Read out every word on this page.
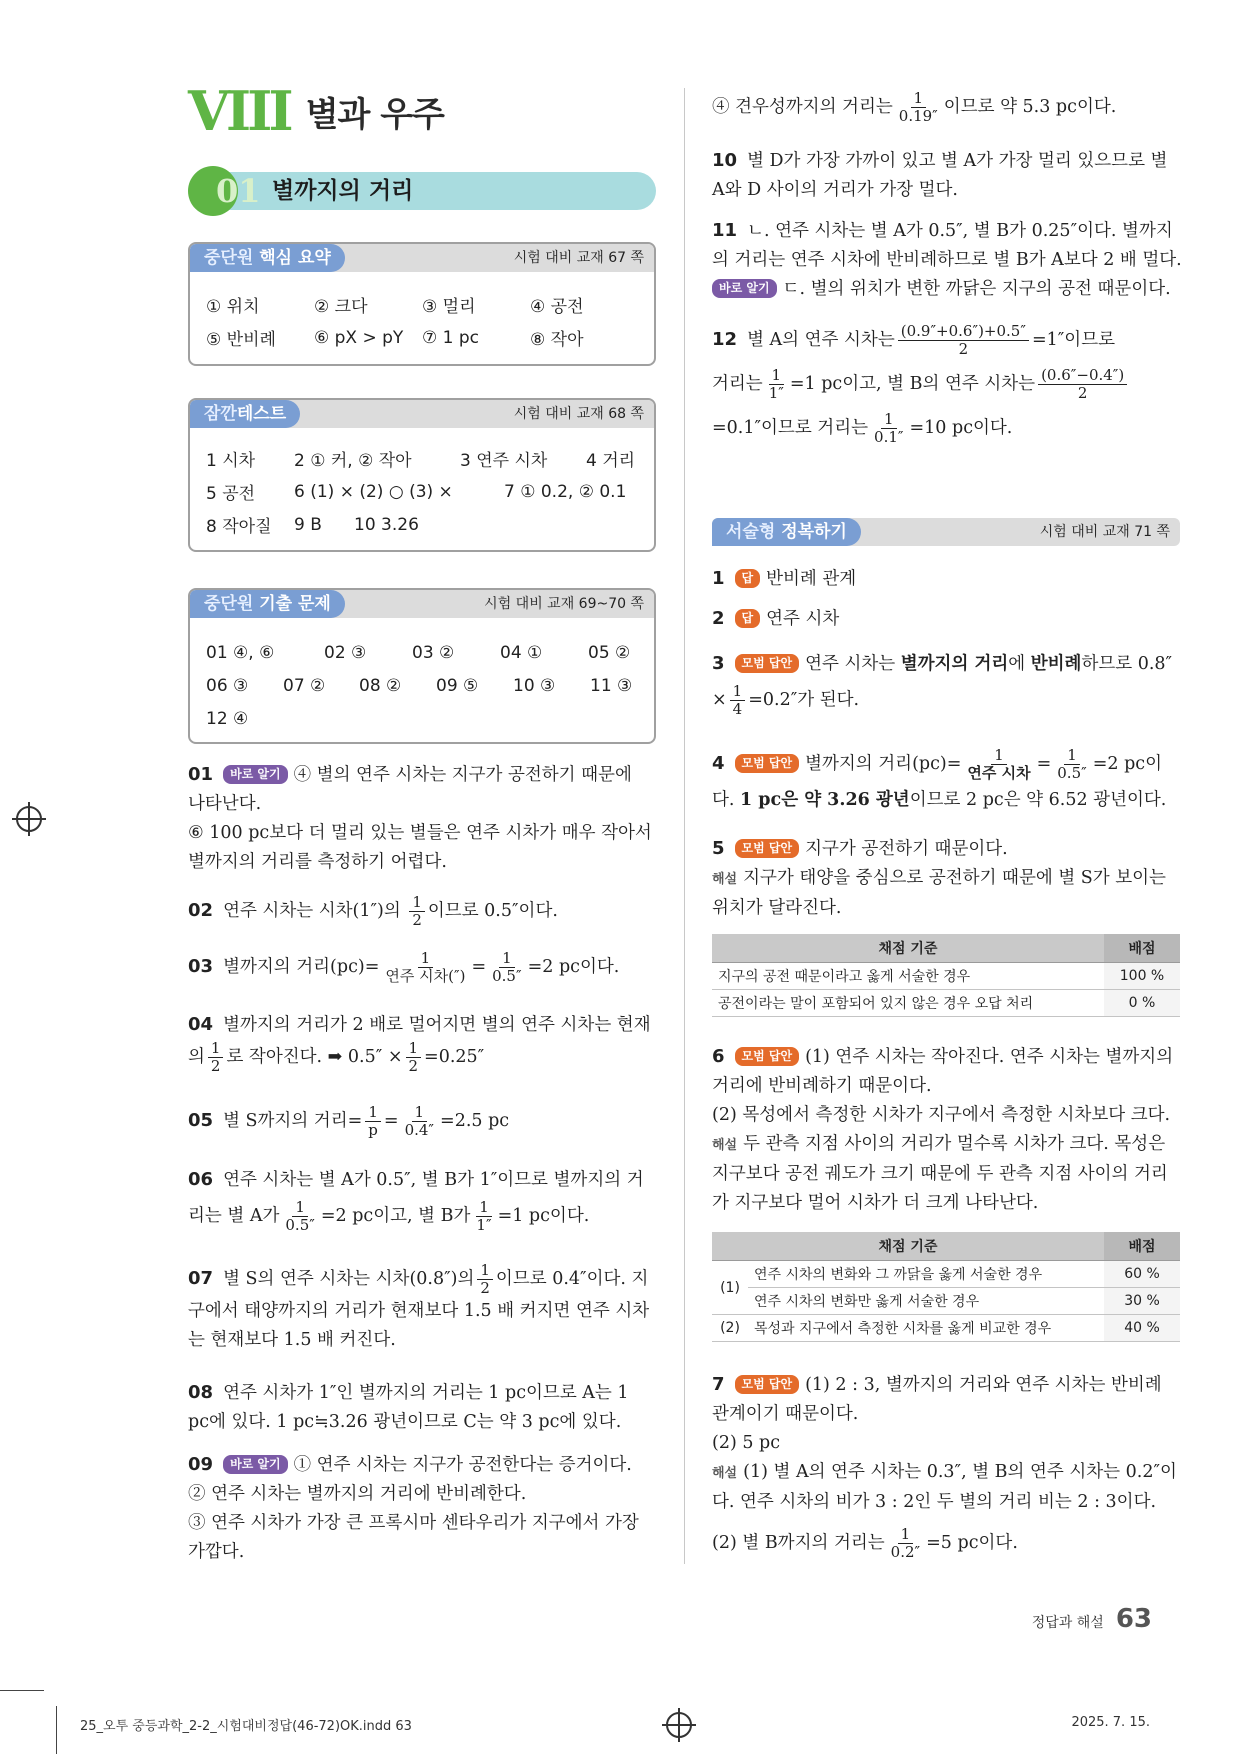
VIII 별과 우주
01 별까지의 거리
중단원 핵심 요약	시험 대비 교재 67 쪽
① 위치	② 크다	③ 멀리	④ 공전
⑤ 반비례	⑥ pX > pY	⑦ 1 pc	⑧ 작아
잠깐테스트	시험 대비 교재 68 쪽
1 시차	2 ① 커, ② 작아	3 연주 시차	4 거리
5 공전	6 (1) × (2) ○ (3) ×	7 ① 0.2, ② 0.1
8 작아질	9 B	10 3.26
중단원 기출 문제	시험 대비 교재 69~70 쪽
01 ④, ⑥	02 ③	03 ②	04 ①	05 ②
06 ③	07 ②	08 ②	09 ⑤	10 ③	11 ③
12 ④
01 바로 알기 ④ 별의 연주 시차는 지구가 공전하기 때문에 나타난다.
⑥ 100 pc보다 더 멀리 있는 별들은 연주 시차가 매우 작아서 별까지의 거리를 측정하기 어렵다.
02 연주 시차는 시차(1″)의 $\frac{1}{2}$ 이므로 0.5″이다.
03 별까지의 거리$(pc)= \frac{1}{\text{연주 시차(″)}} = \frac{1}{0.5''} =2$ pc이다.
04 별까지의 거리가 2 배로 멀어지면 별의 연주 시차는 현재의 $\frac{1}{2}$ 로 작아진다. ➡ $0.5'' \times \frac{1}{2} =0.25''$
05 별 S까지의 거리= $\frac{1}{p} = \frac{1}{0.4''} =2.5$ pc
06 연주 시차는 별 A가 0.5″, 별 B가 1″이므로 별까지의 거리는 별 A가 $\frac{1}{0.5''} =2$ pc이고, 별 B가 $\frac{1}{1''} =1$ pc이다.
07 별 S의 연주 시차는 시차(0.8″)의 $\frac{1}{2}$ 이므로 0.4″이다. 지구에서 태양까지의 거리가 현재보다 1.5 배 커지면 연주 시차는 현재보다 1.5 배 커진다.
08 연주 시차가 1″인 별까지의 거리는 1 pc이므로 A는 1 pc에 있다. 1 pc≒3.26 광년이므로 C는 약 3 pc에 있다.
09 바로 알기 ① 연주 시차는 지구가 공전한다는 증거이다.
② 연주 시차는 별까지의 거리에 반비례한다.
③ 연주 시차가 가장 큰 프록시마 센타우리가 지구에서 가장 가깝다.
④ 견우성까지의 거리는 $\frac{1}{0.19''}$ 이므로 약 5.3 pc이다.
10 별 D가 가장 가까이 있고 별 A가 가장 멀리 있으므로 별 A와 D 사이의 거리가 가장 멀다.
11 ㄴ. 연주 시차는 별 A가 0.5″, 별 B가 0.25″이다. 별까지의 거리는 연주 시차에 반비례하므로 별 B가 A보다 2 배 멀다.
바로 알기 ㄷ. 별의 위치가 변한 까닭은 지구의 공전 때문이다.
12 별 A의 연주 시차는 $\frac{(0.9''+0.6'')+0.5''}{2} =1''$이므로
거리는 $\frac{1}{1''} =1$ pc이고, 별 B의 연주 시차는 $\frac{(0.6''-0.4'')}{2}$

=0.1″이므로 거리는 $\frac{1}{0.1''} =10$ pc이다.
서술형 정복하기	시험 대비 교재 71 쪽
1 답 반비례 관계
2 답 연주 시차
3 모범 답안 연주 시차는 별까지의 거리에 반비례하므로 0.8″
× $\frac{1}{4} =0.2''$가 된다.
4 모범 답안 별까지의 거리$(pc)= \frac{1}{\text{연주 시차}} = \frac{1}{0.5''} =2$ pc이
다. 1 pc은 약 3.26 광년이므로 2 pc은 약 6.52 광년이다.
5 모범 답안 지구가 공전하기 때문이다.
해설 지구가 태양을 중심으로 공전하기 때문에 별 S가 보이는 위치가 달라진다.
채점 기준	배점
지구의 공전 때문이라고 옳게 서술한 경우	100 %
공전이라는 말이 포함되어 있지 않은 경우 오답 처리	0 %
6 모범 답안 (1) 연주 시차는 작아진다. 연주 시차는 별까지의 거리에 반비례하기 때문이다.
(2) 목성에서 측정한 시차가 지구에서 측정한 시차보다 크다.
해설 두 관측 지점 사이의 거리가 멀수록 시차가 크다. 목성은 지구보다 공전 궤도가 크기 때문에 두 관측 지점 사이의 거리가 지구보다 멀어 시차가 더 크게 나타난다.
채점 기준		배점
(1)	연주 시차의 변화와 그 까닭을 옳게 서술한 경우	60 %
	연주 시차의 변화만 옳게 서술한 경우	30 %
(2)	목성과 지구에서 측정한 시차를 옳게 비교한 경우	40 %
7 모범 답안 (1) 2 : 3, 별까지의 거리와 연주 시차는 반비례 관계이기 때문이다.
(2) 5 pc
해설 (1) 별 A의 연주 시차는 0.3″, 별 B의 연주 시차는 0.2″이다. 연주 시차의 비가 3 : 2인 두 별의 거리 비는 2 : 3이다.
(2) 별 B까지의 거리는 $\frac{1}{0.2''} =5$ pc이다.
정답과 해설 63
25_오투 중등과학_2-2_시험대비정답(46-72)OK.indd 63	2025. 7. 15.
